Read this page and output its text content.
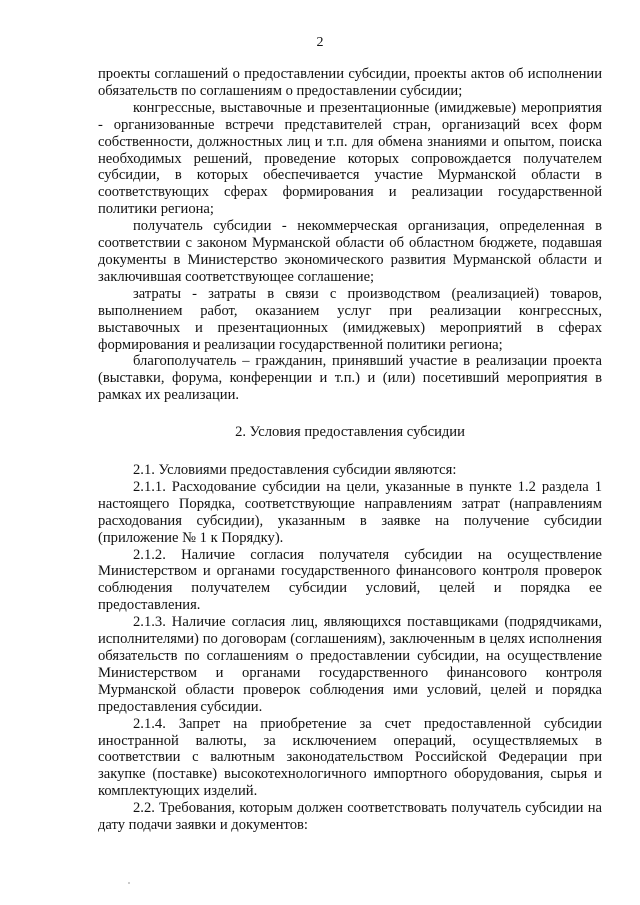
2

проекты соглашений о предоставлении субсидии, проекты актов об исполнении обязательств по соглашениям о предоставлении субсидии;

конгрессные, выставочные и презентационные (имиджевые) мероприятия - организованные встречи представителей стран, организаций всех форм собственности, должностных лиц и т.п. для обмена знаниями и опытом, поиска необходимых решений, проведение которых сопровождается получателем субсидии, в которых обеспечивается участие Мурманской области в соответствующих сферах формирования и реализации государственной политики региона;

получатель субсидии - некоммерческая организация, определенная в соответствии с законом Мурманской области об областном бюджете, подавшая документы в Министерство экономического развития Мурманской области и заключившая соответствующее соглашение;

затраты - затраты в связи с производством (реализацией) товаров, выполнением работ, оказанием услуг при реализации конгрессных, выставочных и презентационных (имиджевых) мероприятий в сферах формирования и реализации государственной политики региона;

благополучатель – гражданин, принявший участие в реализации проекта (выставки, форума, конференции и т.п.) и (или) посетивший мероприятия в рамках их реализации.

2. Условия предоставления субсидии

2.1. Условиями предоставления субсидии являются:

2.1.1. Расходование субсидии на цели, указанные в пункте 1.2 раздела 1 настоящего Порядка, соответствующие направлениям затрат (направлениям расходования субсидии), указанным в заявке на получение субсидии (приложение № 1 к Порядку).

2.1.2. Наличие согласия получателя субсидии на осуществление Министерством и органами государственного финансового контроля проверок соблюдения получателем субсидии условий, целей и порядка ее предоставления.

2.1.3. Наличие согласия лиц, являющихся поставщиками (подрядчиками, исполнителями) по договорам (соглашениям), заключенным в целях исполнения обязательств по соглашениям о предоставлении субсидии, на осуществление Министерством и органами государственного финансового контроля Мурманской области проверок соблюдения ими условий, целей и порядка предоставления субсидии.

2.1.4. Запрет на приобретение за счет предоставленной субсидии иностранной валюты, за исключением операций, осуществляемых в соответствии с валютным законодательством Российской Федерации при закупке (поставке) высокотехнологичного импортного оборудования, сырья и комплектующих изделий.

2.2. Требования, которым должен соответствовать получатель субсидии на дату подачи заявки и документов:
